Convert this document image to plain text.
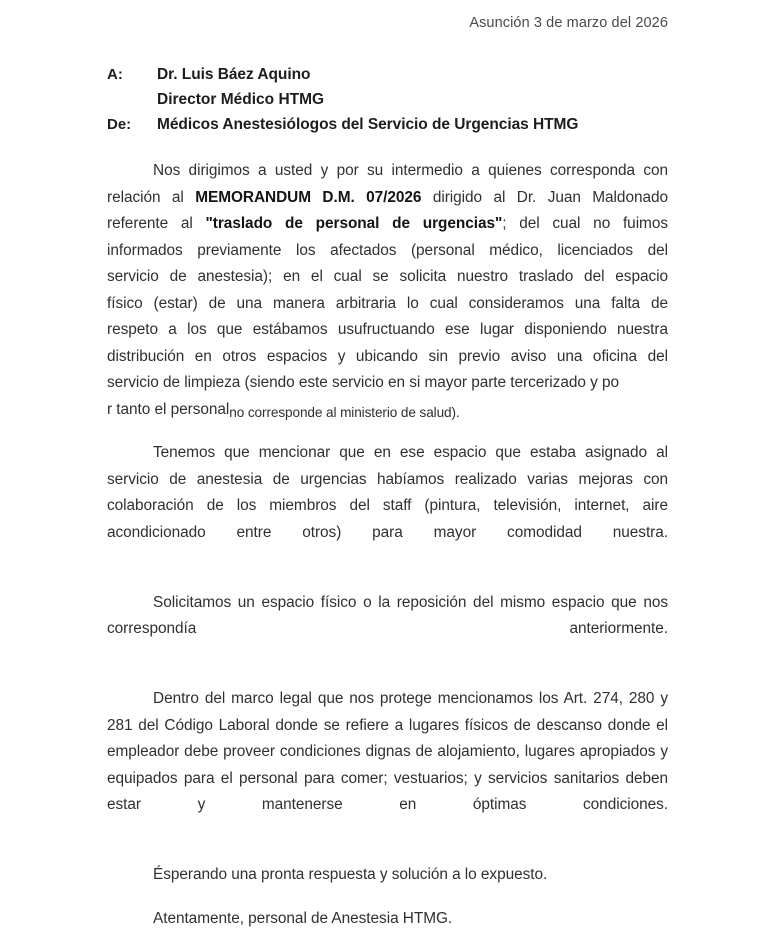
Asunción 3 de marzo del 2026
A:	Dr. Luis Báez Aquino
Director Médico HTMG
De:	Médicos Anestesiólogos del Servicio de Urgencias HTMG
Nos dirigimos a usted y por su intermedio a quienes corresponda con
relación al MEMORANDUM D.M. 07/2026 dirigido al Dr. Juan Maldonado
referente al "traslado de personal de urgencias"; del cual no fuimos
informados previamente los afectados (personal médico, licenciados del
servicio de anestesia); en el cual se solicita nuestro traslado del espacio
físico (estar) de una manera arbitraria lo cual consideramos una falta de
respeto a los que estábamos usufructuando ese lugar disponiendo nuestra
distribución en otros espacios y ubicando sin previo aviso una oficina del
servicio de limpieza (siendo este servicio en si mayor parte tercerizado y po
r tanto el personalno corresponde al ministerio de salud).

Tenemos que mencionar que en ese espacio que estaba asignado al servicio de anestesia de urgencias habíamos realizado varias mejoras con colaboración de los miembros del staff (pintura, televisión, internet, aire acondicionado entre otros) para mayor comodidad nuestra.

Solicitamos un espacio físico o la reposición del mismo espacio que nos correspondía anteriormente.

Dentro del marco legal que nos protege mencionamos los Art. 274, 280 y 281 del Código Laboral donde se refiere a lugares físicos de descanso donde el empleador debe proveer condiciones dignas de alojamiento, lugares apropiados y equipados para el personal para comer; vestuarios; y servicios sanitarios deben estar y mantenerse en óptimas condiciones.

Ésperando una pronta respuesta y solución a lo expuesto.

Atentamente, personal de Anestesia HTMG.
